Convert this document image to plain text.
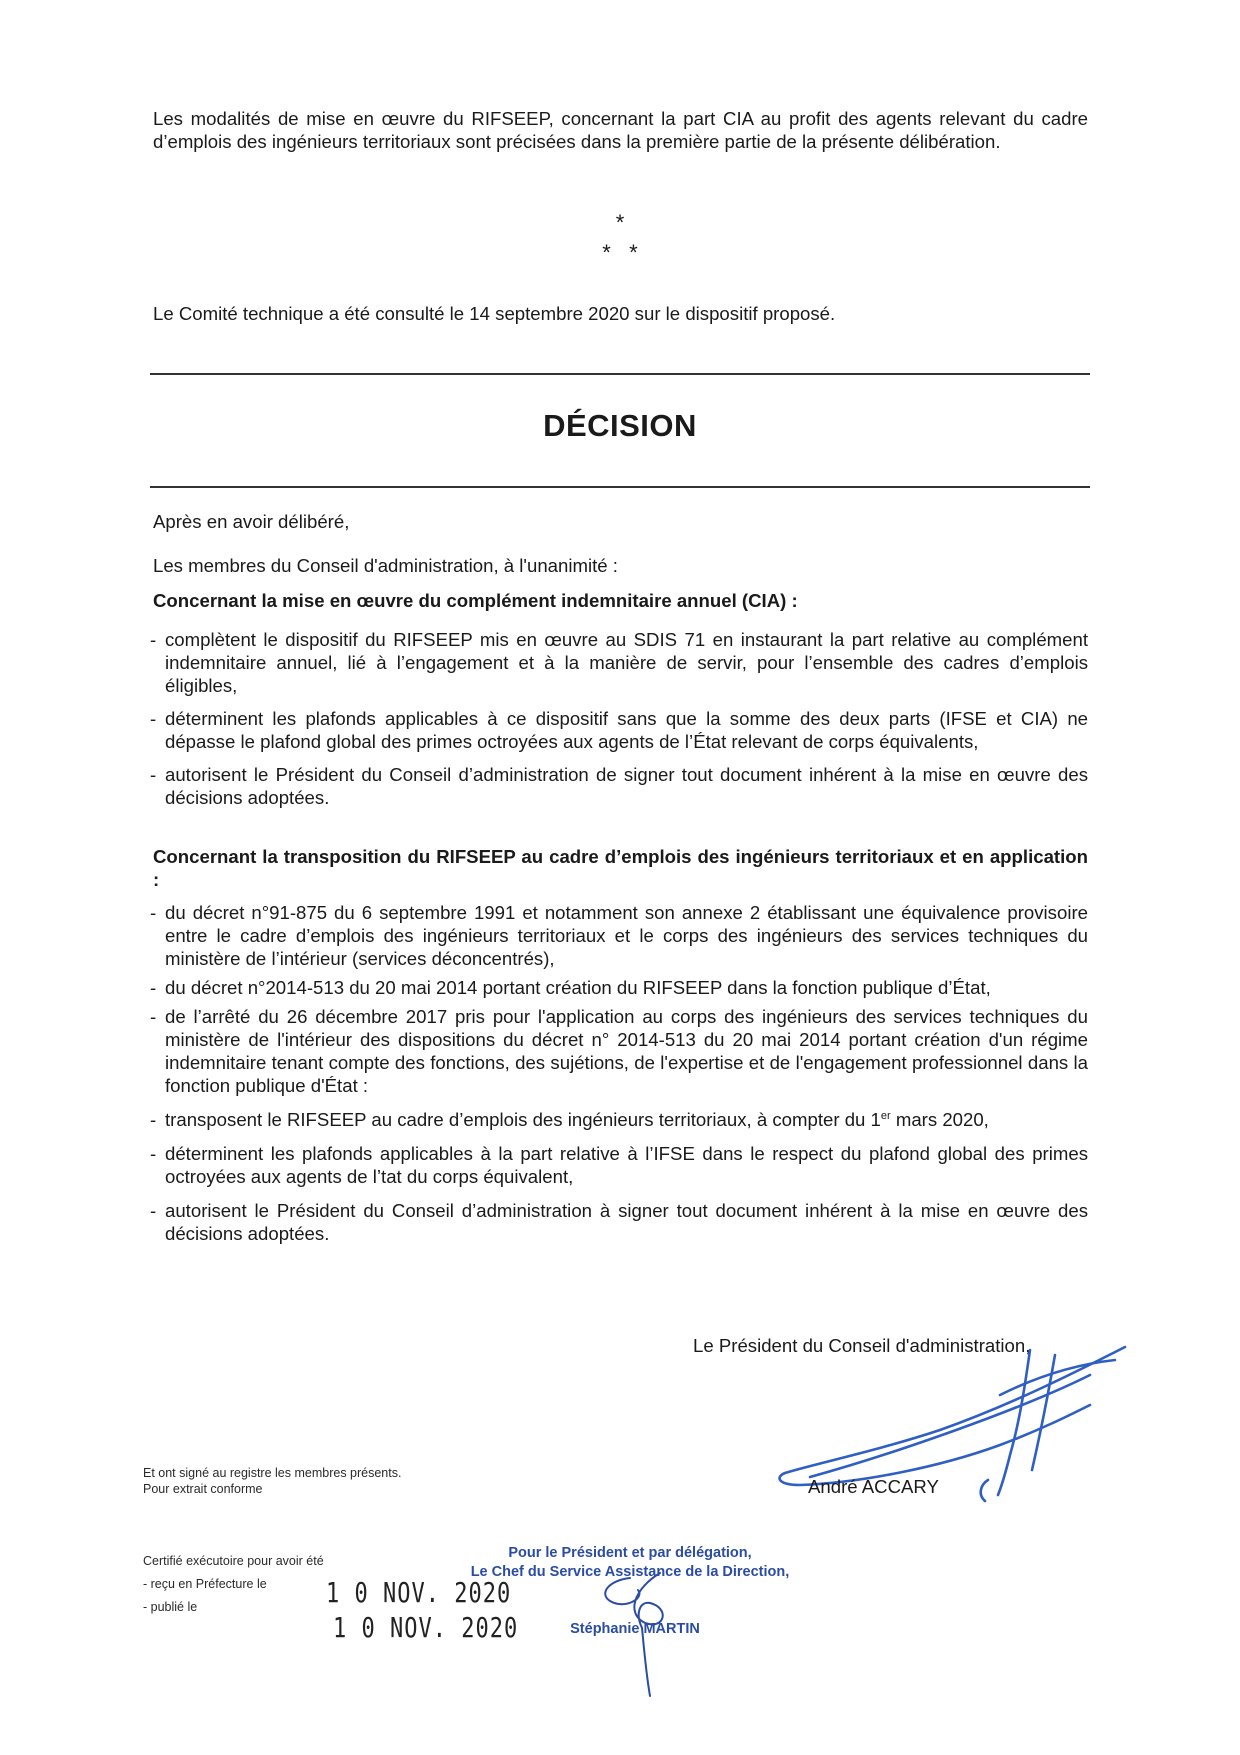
Les modalités de mise en œuvre du RIFSEEP, concernant la part CIA au profit des agents relevant du cadre d’emplois des ingénieurs territoriaux sont précisées dans la première partie de la présente délibération.

*
*   *

Le Comité technique a été consulté le 14 septembre 2020 sur le dispositif proposé.

DÉCISION

Après en avoir délibéré,

Les membres du Conseil d'administration, à l'unanimité :

Concernant la mise en œuvre du complément indemnitaire annuel (CIA) :
- complètent le dispositif du RIFSEEP mis en œuvre au SDIS 71 en instaurant la part relative au complément indemnitaire annuel, lié à l’engagement et à la manière de servir, pour l’ensemble des cadres d’emplois éligibles,
- déterminent les plafonds applicables à ce dispositif sans que la somme des deux parts (IFSE et CIA) ne dépasse le plafond global des primes octroyées aux agents de l’État relevant de corps équivalents,
- autorisent le Président du Conseil d’administration de signer tout document inhérent à la mise en œuvre des décisions adoptées.
Concernant la transposition du RIFSEEP au cadre d’emplois des ingénieurs territoriaux et en application :
- du décret n°91-875 du 6 septembre 1991 et notamment son annexe 2 établissant une équivalence provisoire entre le cadre d’emplois des ingénieurs territoriaux et le corps des ingénieurs des services techniques du ministère de l’intérieur (services déconcentrés),
- du décret n°2014-513 du 20 mai 2014 portant création du RIFSEEP dans la fonction publique d’État,
- de l’arrêté du 26 décembre 2017 pris pour l'application au corps des ingénieurs des services techniques du ministère de l'intérieur des dispositions du décret n° 2014-513 du 20 mai 2014 portant création d'un régime indemnitaire tenant compte des fonctions, des sujétions, de l'expertise et de l'engagement professionnel dans la fonction publique d'État :
- transposent le RIFSEEP au cadre d’emplois des ingénieurs territoriaux, à compter du 1er mars 2020,
- déterminent les plafonds applicables à la part relative à l’IFSE dans le respect du plafond global des primes octroyées aux agents de l’tat du corps équivalent,
- autorisent le Président du Conseil d’administration à signer tout document inhérent à la mise en œuvre des décisions adoptées.
Le Président du Conseil d'administration,
André ACCARY
Et ont signé au registre les membres présents.
Pour extrait conforme
Certifié exécutoire pour avoir été
- reçu en Préfecture le
- publié le	1 0 NOV. 2020
1 0 NOV. 2020
Pour le Président et par délégation,
Le Chef du Service Assistance de la Direction,
Stéphanie MARTIN
